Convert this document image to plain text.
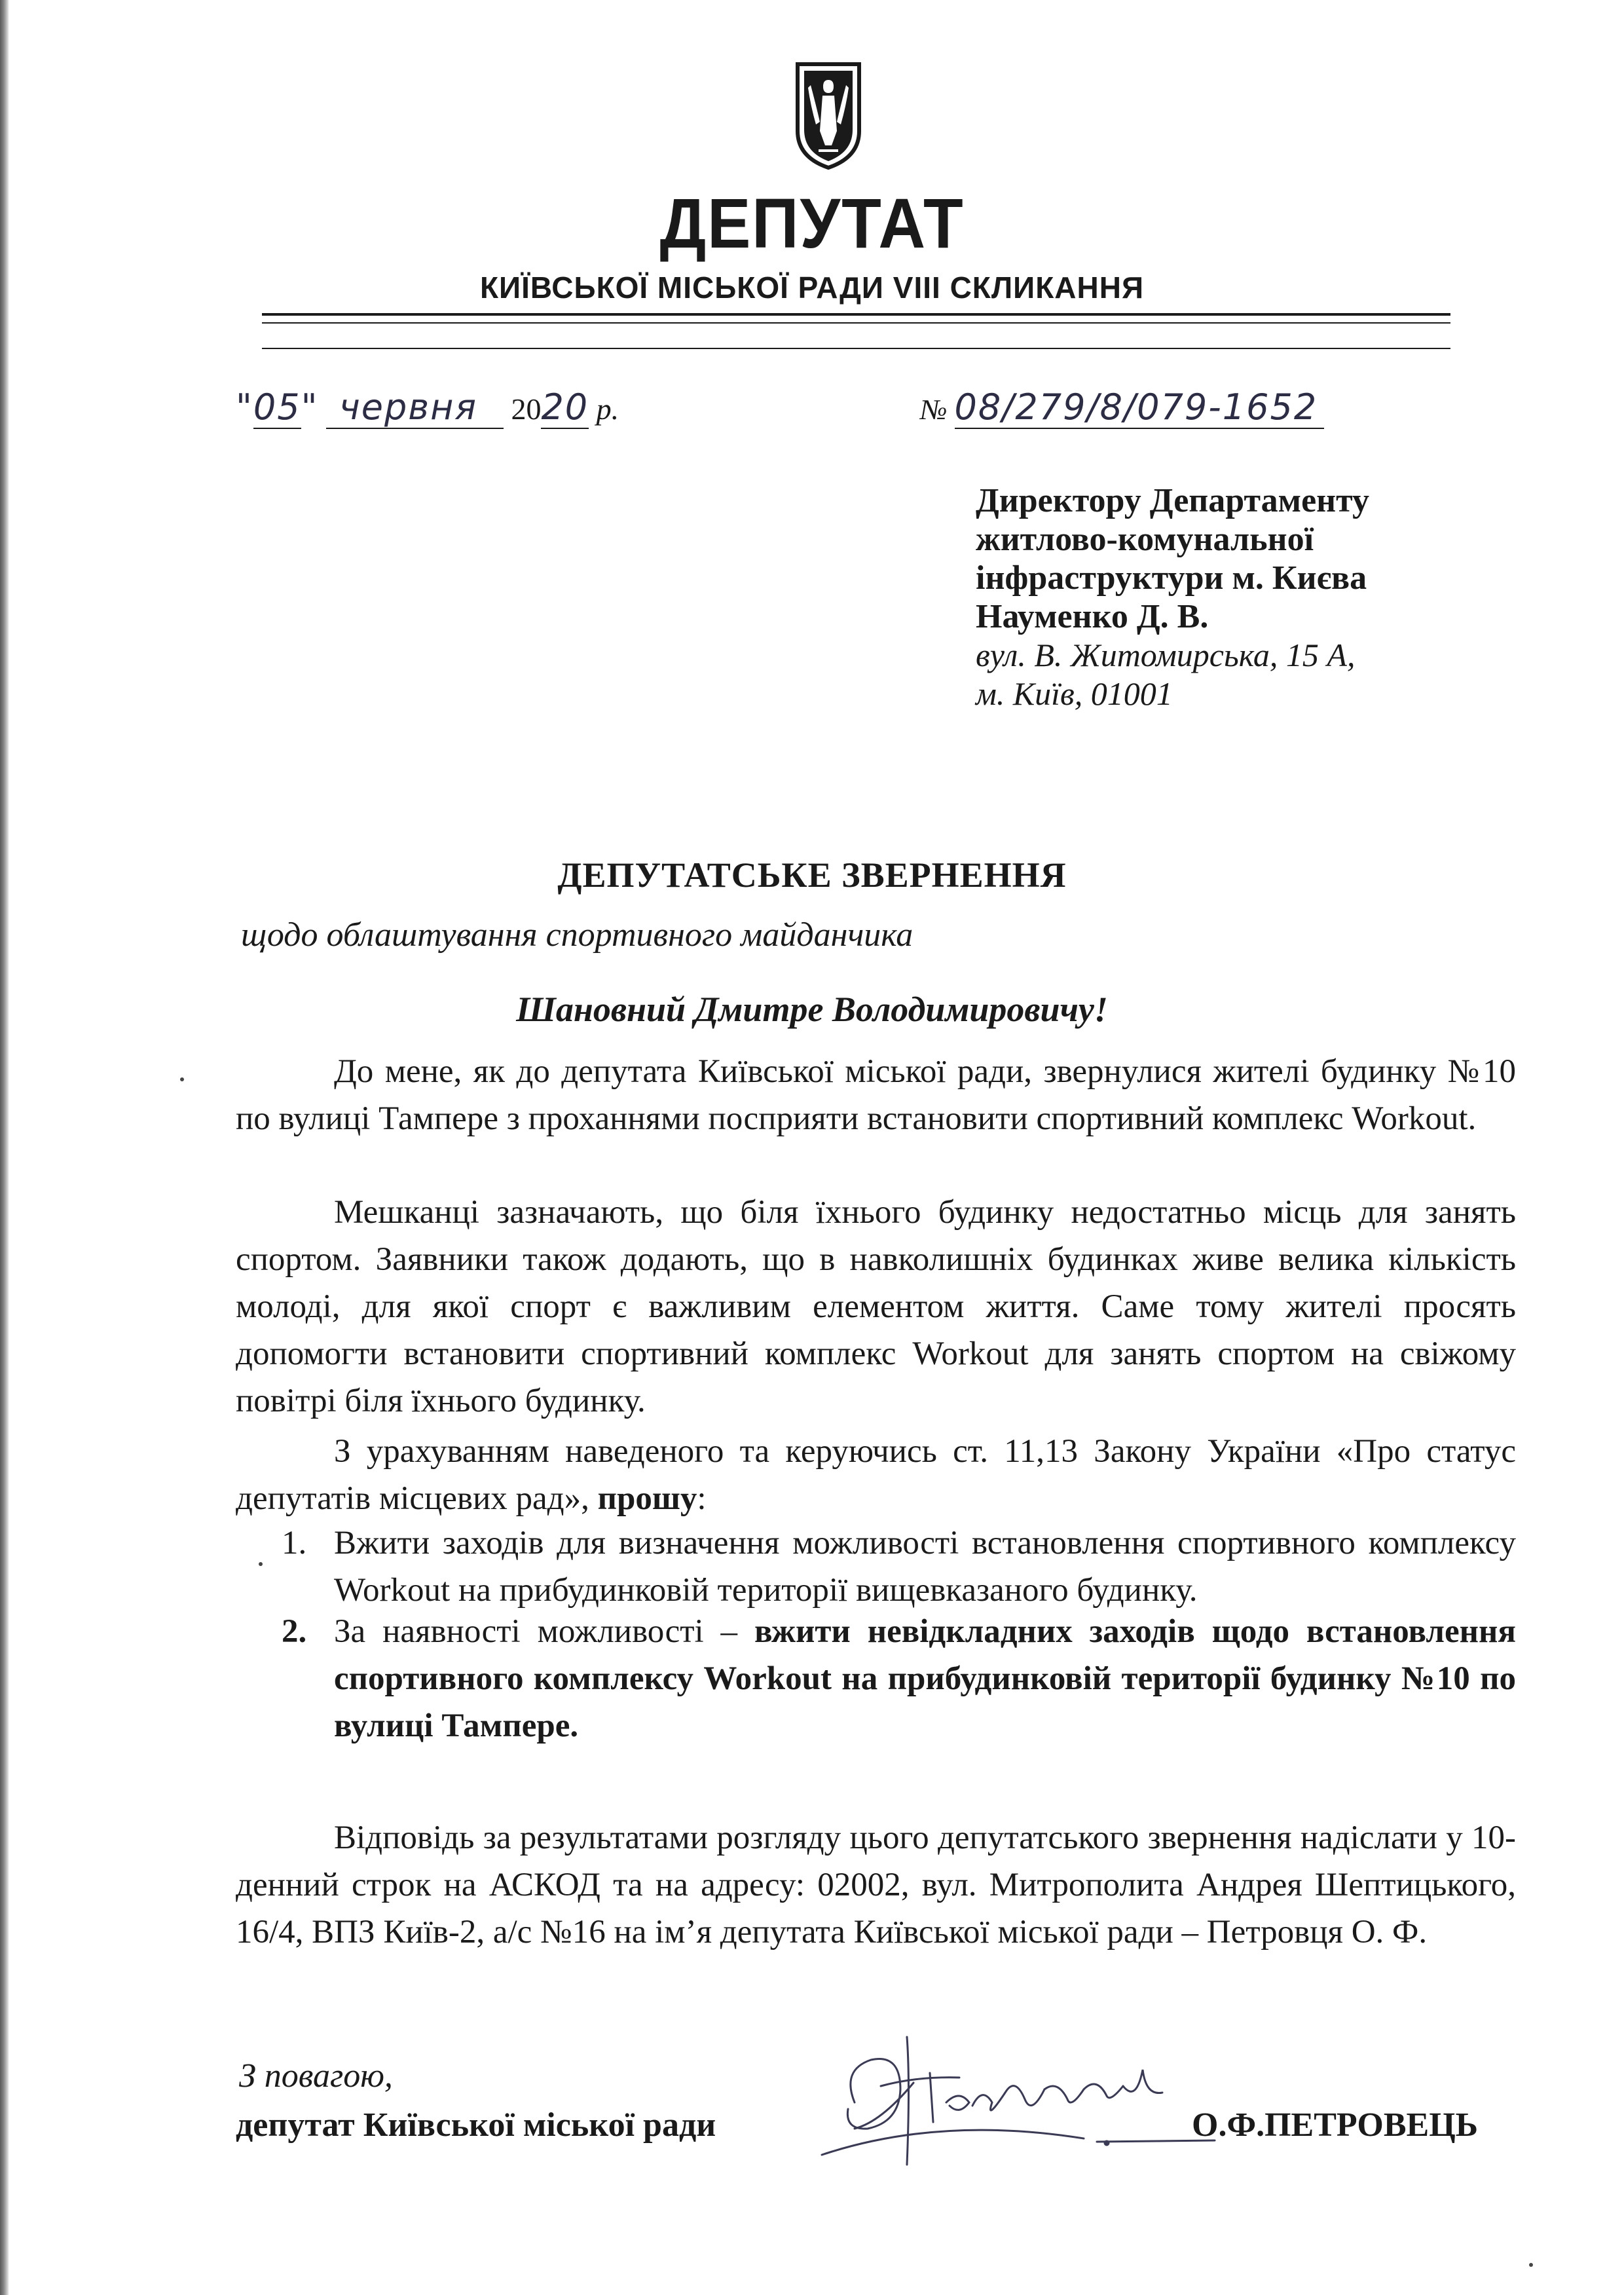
ДЕПУТАТ
КИЇВСЬКОЇ МІСЬКОЇ РАДИ VIII СКЛИКАННЯ
"05" червня 2020 р.	№ 08/279/8/079-1652
Директору Департаменту
житлово-комунальної
інфраструктури м. Києва
Науменко Д. В.
вул. В. Житомирська, 15 А,
м. Київ, 01001
ДЕПУТАТСЬКЕ ЗВЕРНЕННЯ
щодо облаштування спортивного майданчика
Шановний Дмитре Володимировичу!
До мене, як до депутата Київської міської ради, звернулися жителі будинку №10 по вулиці Тампере з проханнями посприяти встановити спортивний комплекс Workout.
Мешканці зазначають, що біля їхнього будинку недостатньо місць для занять спортом. Заявники також додають, що в навколишніх будинках живе велика кількість молоді, для якої спорт є важливим елементом життя. Саме тому жителі просять допомогти встановити спортивний комплекс Workout для занять спортом на свіжому повітрі біля їхнього будинку.
З урахуванням наведеного та керуючись ст. 11,13 Закону України «Про статус депутатів місцевих рад», прошу:
1. Вжити заходів для визначення можливості встановлення спортивного комплексу Workout на прибудинковій території вищевказаного будинку.
2. За наявності можливості – вжити невідкладних заходів щодо встановлення спортивного комплексу Workout на прибудинковій території будинку №10 по вулиці Тампере.
Відповідь за результатами розгляду цього депутатського звернення надіслати у 10-денний строк на АСКОД та на адресу: 02002, вул. Митрополита Андрея Шептицького, 16/4, ВПЗ Київ-2, а/с №16 на ім’я депутата Київської міської ради – Петровця О. Ф.
З повагою,
депутат Київської міської ради	О.Ф.ПЕТРОВЕЦЬ
